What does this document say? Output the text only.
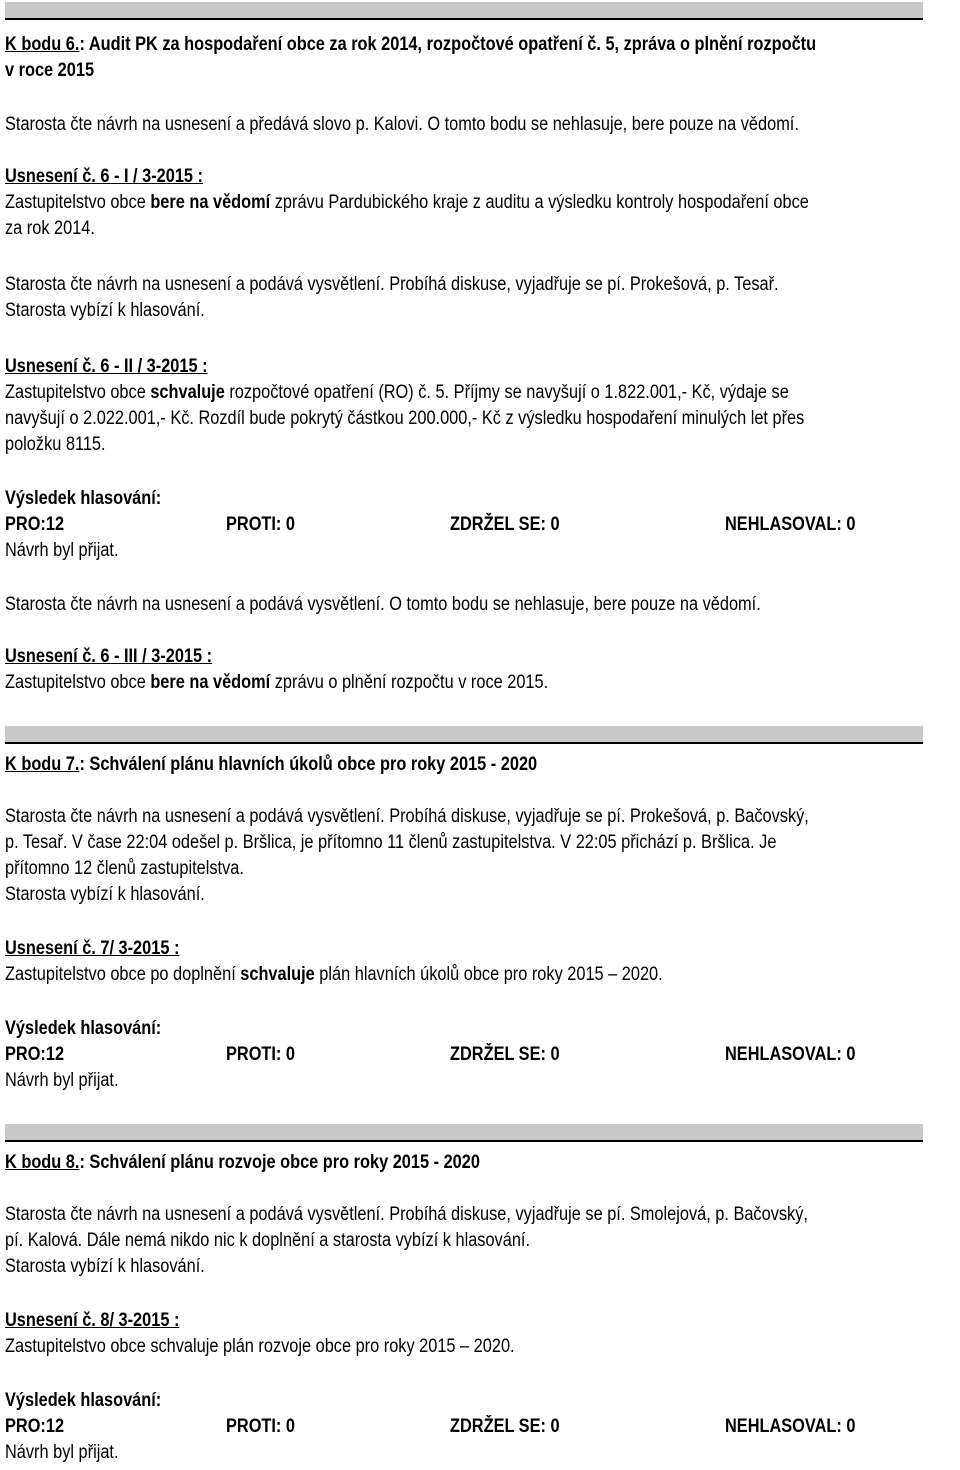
K bodu 6.: Audit PK za hospodaření obce za rok 2014, rozpočtové opatření č. 5, zpráva o plnění rozpočtu
v roce 2015
Starosta čte návrh na usnesení a předává slovo p. Kalovi. O tomto bodu se nehlasuje, bere pouze na vědomí.
Usnesení č. 6 - I / 3-2015 :
Zastupitelstvo obce bere na vědomí zprávu Pardubického kraje z auditu a výsledku kontroly hospodaření obce
za rok 2014.
Starosta čte návrh na usnesení a podává vysvětlení. Probíhá diskuse, vyjadřuje se pí. Prokešová, p. Tesař.
Starosta vybízí k hlasování.
Usnesení č. 6 - II / 3-2015 :
Zastupitelstvo obce schvaluje rozpočtové opatření (RO) č. 5. Příjmy se navyšují o 1.822.001,- Kč, výdaje se
navyšují o 2.022.001,- Kč. Rozdíl bude pokrytý částkou 200.000,- Kč z výsledku hospodaření minulých let přes
položku 8115.
Výsledek hlasování:
PRO:12	PROTI: 0	ZDRŽEL SE: 0	NEHLASOVAL: 0
Návrh byl přijat.
Starosta čte návrh na usnesení a podává vysvětlení. O tomto bodu se nehlasuje, bere pouze na vědomí.
Usnesení č. 6 - III / 3-2015 :
Zastupitelstvo obce bere na vědomí zprávu o plnění rozpočtu v roce 2015.
K bodu 7.: Schválení plánu hlavních úkolů obce pro roky 2015 - 2020
Starosta čte návrh na usnesení a podává vysvětlení. Probíhá diskuse, vyjadřuje se pí. Prokešová, p. Bačovský,
p. Tesař. V čase 22:04 odešel p. Bršlica, je přítomno 11 členů zastupitelstva. V 22:05 přichází p. Bršlica. Je
přítomno 12 členů zastupitelstva.
Starosta vybízí k hlasování.
Usnesení č. 7/ 3-2015 :
Zastupitelstvo obce po doplnění schvaluje plán hlavních úkolů obce pro roky 2015 – 2020.
Výsledek hlasování:
PRO:12	PROTI: 0	ZDRŽEL SE: 0	NEHLASOVAL: 0
Návrh byl přijat.
K bodu 8.: Schválení plánu rozvoje obce pro roky 2015 - 2020
Starosta čte návrh na usnesení a podává vysvětlení. Probíhá diskuse, vyjadřuje se pí. Smolejová, p. Bačovský,
pí. Kalová. Dále nemá nikdo nic k doplnění a starosta vybízí k hlasování.
Starosta vybízí k hlasování.
Usnesení č. 8/ 3-2015 :
Zastupitelstvo obce schvaluje plán rozvoje obce pro roky 2015 – 2020.
Výsledek hlasování:
PRO:12	PROTI: 0	ZDRŽEL SE: 0	NEHLASOVAL: 0
Návrh byl přijat.
